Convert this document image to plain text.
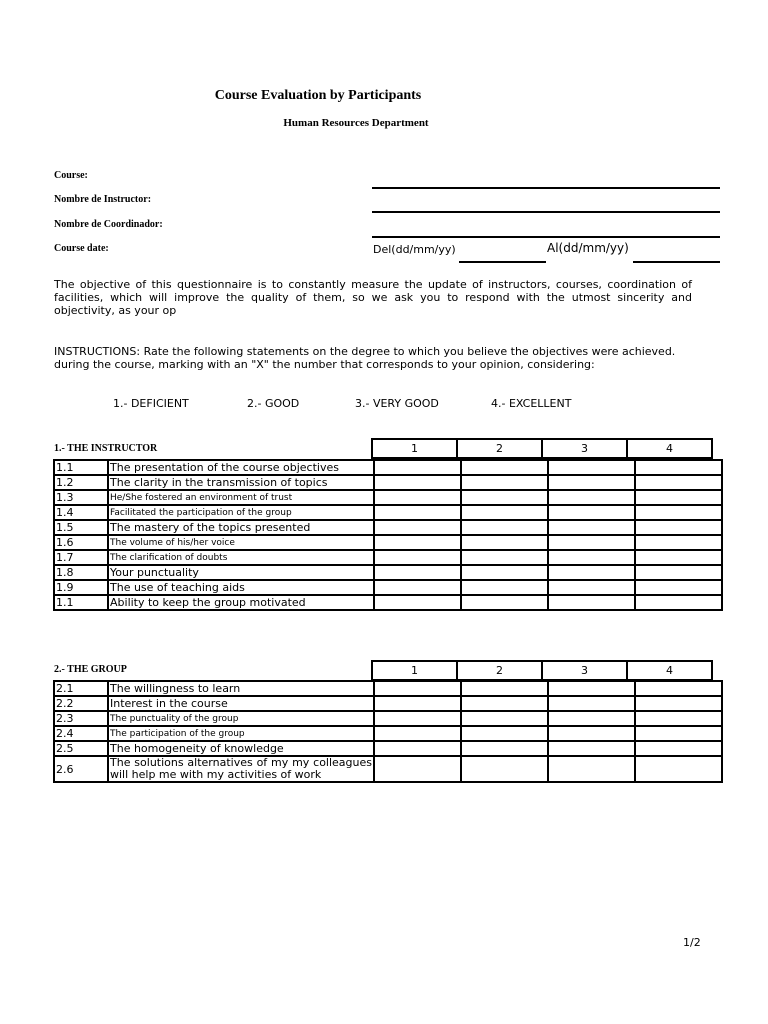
Course Evaluation by Participants
Human Resources Department
Course:
Nombre de Instructor:
Nombre de Coordinador:
Course date:	Del(dd/mm/yy)	Al(dd/mm/yy)
The objective of this questionnaire is to constantly measure the update of instructors, courses, coordination of facilities, which will improve the quality of them, so we ask you to respond with the utmost sincerity and objectivity, as your op
INSTRUCTIONS: Rate the following statements on the degree to which you believe the objectives were achieved. during the course, marking with an "X" the number that corresponds to your opinion, considering:
1.- DEFICIENT	2.- GOOD	3.- VERY GOOD	4.- EXCELLENT
1.- THE INSTRUCTOR	1	2	3	4
1.1	The presentation of the course objectives				
1.2	The clarity in the transmission of topics				
1.3	He/She fostered an environment of trust				
1.4	Facilitated the participation of the group				
1.5	The mastery of the topics presented				
1.6	The volume of his/her voice				
1.7	The clarification of doubts				
1.8	Your punctuality				
1.9	The use of teaching aids				
1.1	Ability to keep the group motivated				
2.- THE GROUP	1	2	3	4
2.1	The willingness to learn				
2.2	Interest in the course				
2.3	The punctuality of the group				
2.4	The participation of the group				
2.5	The homogeneity of knowledge				
2.6	The solutions alternatives of my my colleagues will help me with my activities of work				
1/2
